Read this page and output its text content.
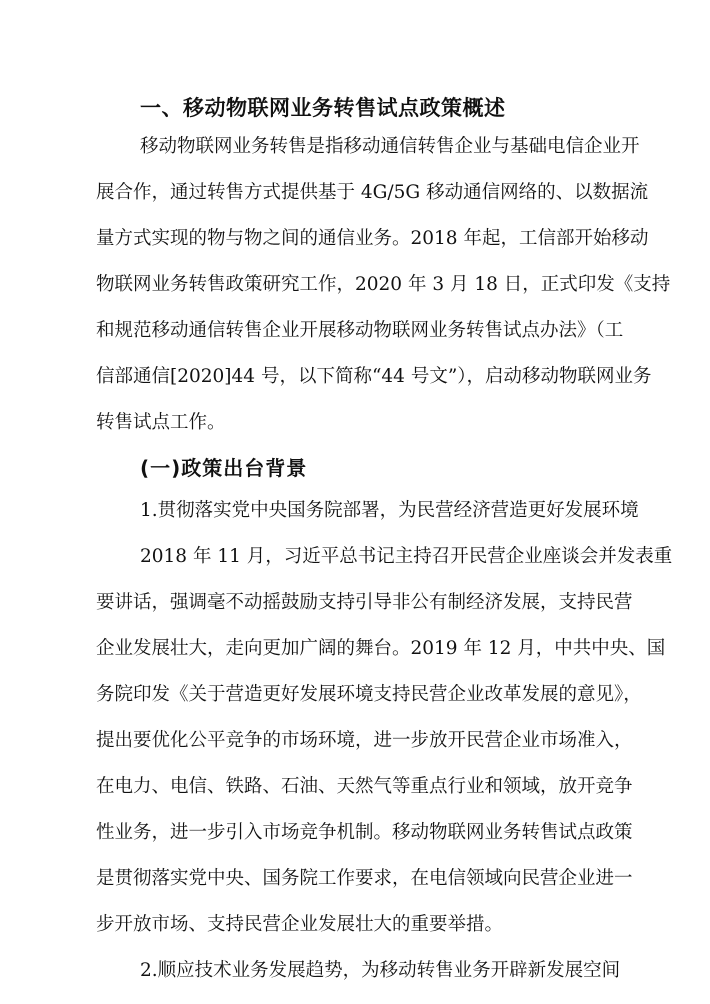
一、移动物联网业务转售试点政策概述
移动物联网业务转售是指移动通信转售企业与基础电信企业开
展合作，通过转售方式提供基于 4G/5G 移动通信网络的、以数据流
量方式实现的物与物之间的通信业务。2018 年起，工信部开始移动
物联网业务转售政策研究工作，2020 年 3 月 18 日，正式印发《支持
和规范移动通信转售企业开展移动物联网业务转售试点办法》（工
信部通信[2020]44 号，以下简称“44 号文”），启动移动物联网业务
转售试点工作。
(一)政策出台背景
1.贯彻落实党中央国务院部署，为民营经济营造更好发展环境
2018 年 11 月，习近平总书记主持召开民营企业座谈会并发表重
要讲话，强调毫不动摇鼓励支持引导非公有制经济发展，支持民营
企业发展壮大，走向更加广阔的舞台。2019 年 12 月，中共中央、国
务院印发《关于营造更好发展环境支持民营企业改革发展的意见》，
提出要优化公平竞争的市场环境，进一步放开民营企业市场准入，
在电力、电信、铁路、石油、天然气等重点行业和领域，放开竞争
性业务，进一步引入市场竞争机制。移动物联网业务转售试点政策
是贯彻落实党中央、国务院工作要求，在电信领域向民营企业进一
步开放市场、支持民营企业发展壮大的重要举措。
2.顺应技术业务发展趋势，为移动转售业务开辟新发展空间
